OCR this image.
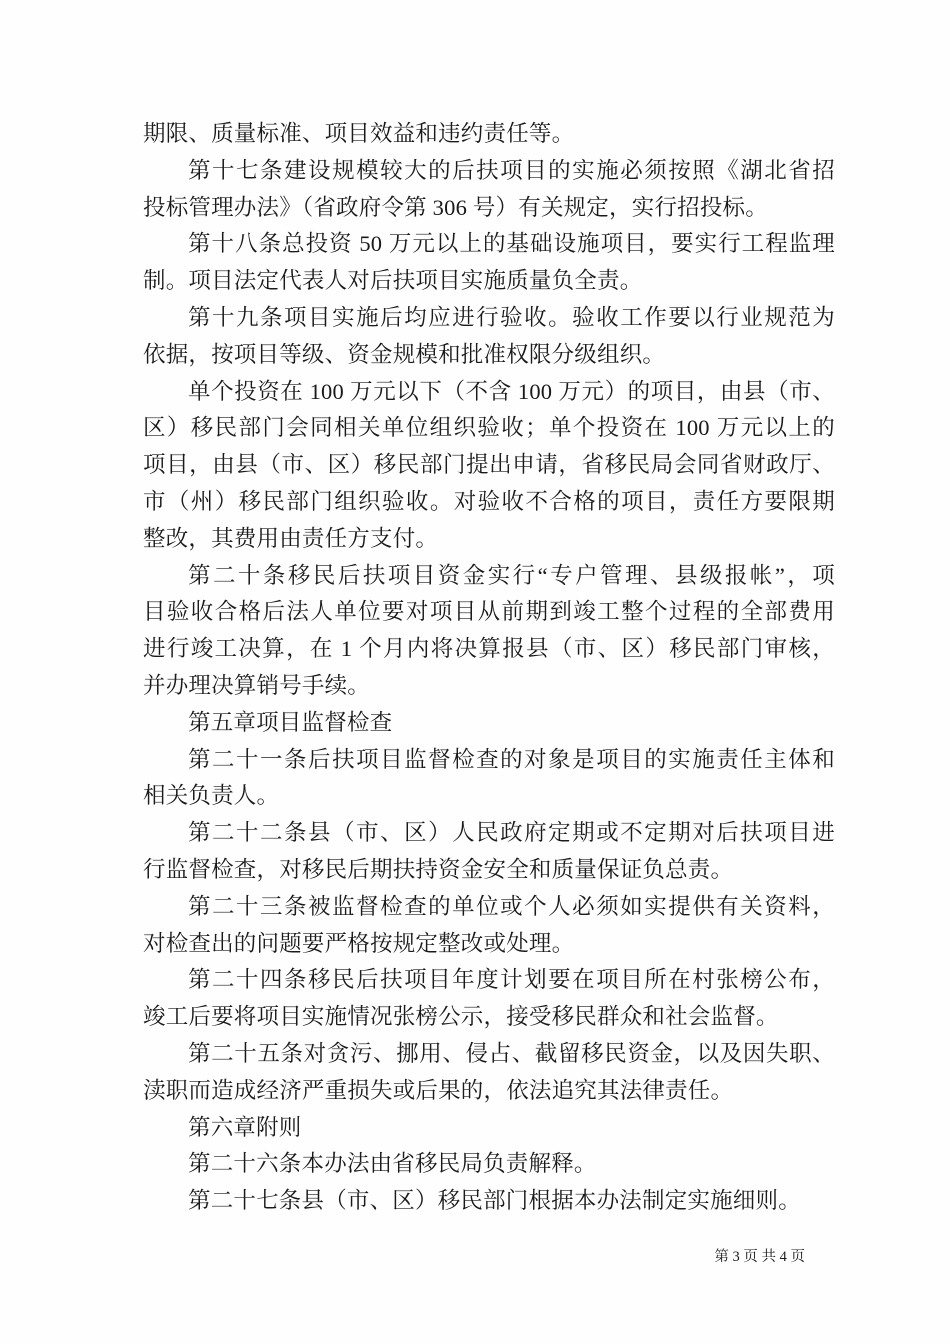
期限、质量标准、项目效益和违约责任等。
第十七条建设规模较大的后扶项目的实施必须按照《湖北省招
投标管理办法》（省政府令第 306 号）有关规定，实行招投标。
第十八条总投资 50 万元以上的基础设施项目，要实行工程监理
制。项目法定代表人对后扶项目实施质量负全责。
第十九条项目实施后均应进行验收。验收工作要以行业规范为
依据，按项目等级、资金规模和批准权限分级组织。
单个投资在 100 万元以下（不含 100 万元）的项目，由县（市、
区）移民部门会同相关单位组织验收；单个投资在 100 万元以上的
项目，由县（市、区）移民部门提出申请，省移民局会同省财政厅、
市（州）移民部门组织验收。对验收不合格的项目，责任方要限期
整改，其费用由责任方支付。
第二十条移民后扶项目资金实行“专户管理、县级报帐”，项
目验收合格后法人单位要对项目从前期到竣工整个过程的全部费用
进行竣工决算，在 1 个月内将决算报县（市、区）移民部门审核，
并办理决算销号手续。
第五章项目监督检查
第二十一条后扶项目监督检查的对象是项目的实施责任主体和
相关负责人。
第二十二条县（市、区）人民政府定期或不定期对后扶项目进
行监督检查，对移民后期扶持资金安全和质量保证负总责。
第二十三条被监督检查的单位或个人必须如实提供有关资料，
对检查出的问题要严格按规定整改或处理。
第二十四条移民后扶项目年度计划要在项目所在村张榜公布，
竣工后要将项目实施情况张榜公示，接受移民群众和社会监督。
第二十五条对贪污、挪用、侵占、截留移民资金，以及因失职、
渎职而造成经济严重损失或后果的，依法追究其法律责任。
第六章附则
第二十六条本办法由省移民局负责解释。
第二十七条县（市、区）移民部门根据本办法制定实施细则。
第 3 页 共 4 页
